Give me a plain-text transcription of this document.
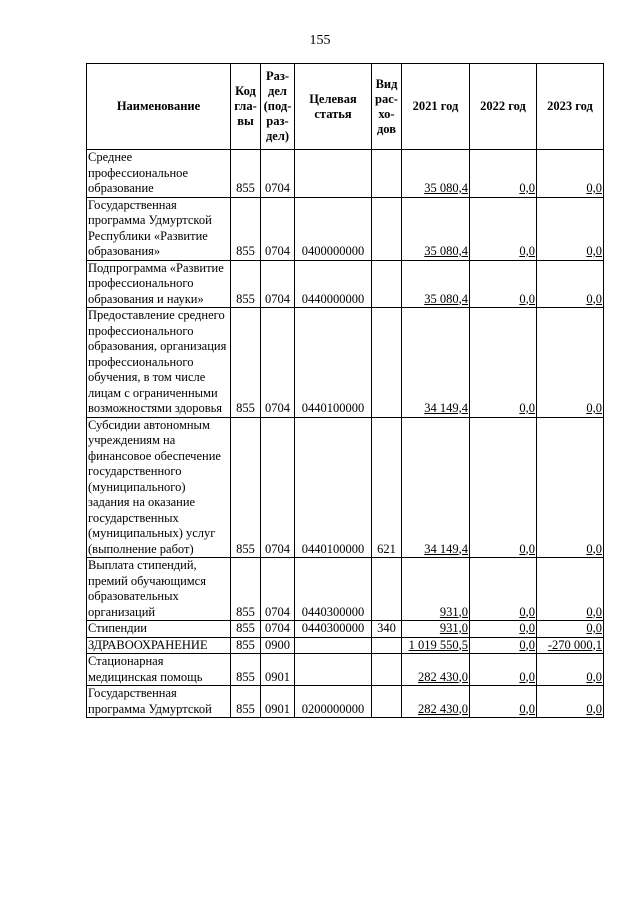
155
Наименование	Код гла-вы	Раз-дел (под-раз-дел)	Целевая статья	Вид рас-хо-дов	2021 год	2022 год	2023 год
Среднее профессиональное образование	855	0704			35 080,4	0,0	0,0
Государственная программа Удмуртской Республики «Развитие образования»	855	0704	0400000000		35 080,4	0,0	0,0
Подпрограмма «Развитие профессионального образования и науки»	855	0704	0440000000		35 080,4	0,0	0,0
Предоставление среднего профессионального образования, организация профессионального обучения, в том числе лицам с ограниченными возможностями здоровья	855	0704	0440100000		34 149,4	0,0	0,0
Субсидии автономным учреждениям на финансовое обеспечение государственного (муниципального) задания на оказание государственных (муниципальных) услуг (выполнение работ)	855	0704	0440100000	621	34 149,4	0,0	0,0
Выплата стипендий, премий обучающимся образовательных организаций	855	0704	0440300000		931,0	0,0	0,0
Стипендии	855	0704	0440300000	340	931,0	0,0	0,0
ЗДРАВООХРАНЕНИЕ	855	0900			1 019 550,5	0,0	-270 000,1
Стационарная медицинская помощь	855	0901			282 430,0	0,0	0,0
Государственная программа Удмуртской	855	0901	0200000000		282 430,0	0,0	0,0
